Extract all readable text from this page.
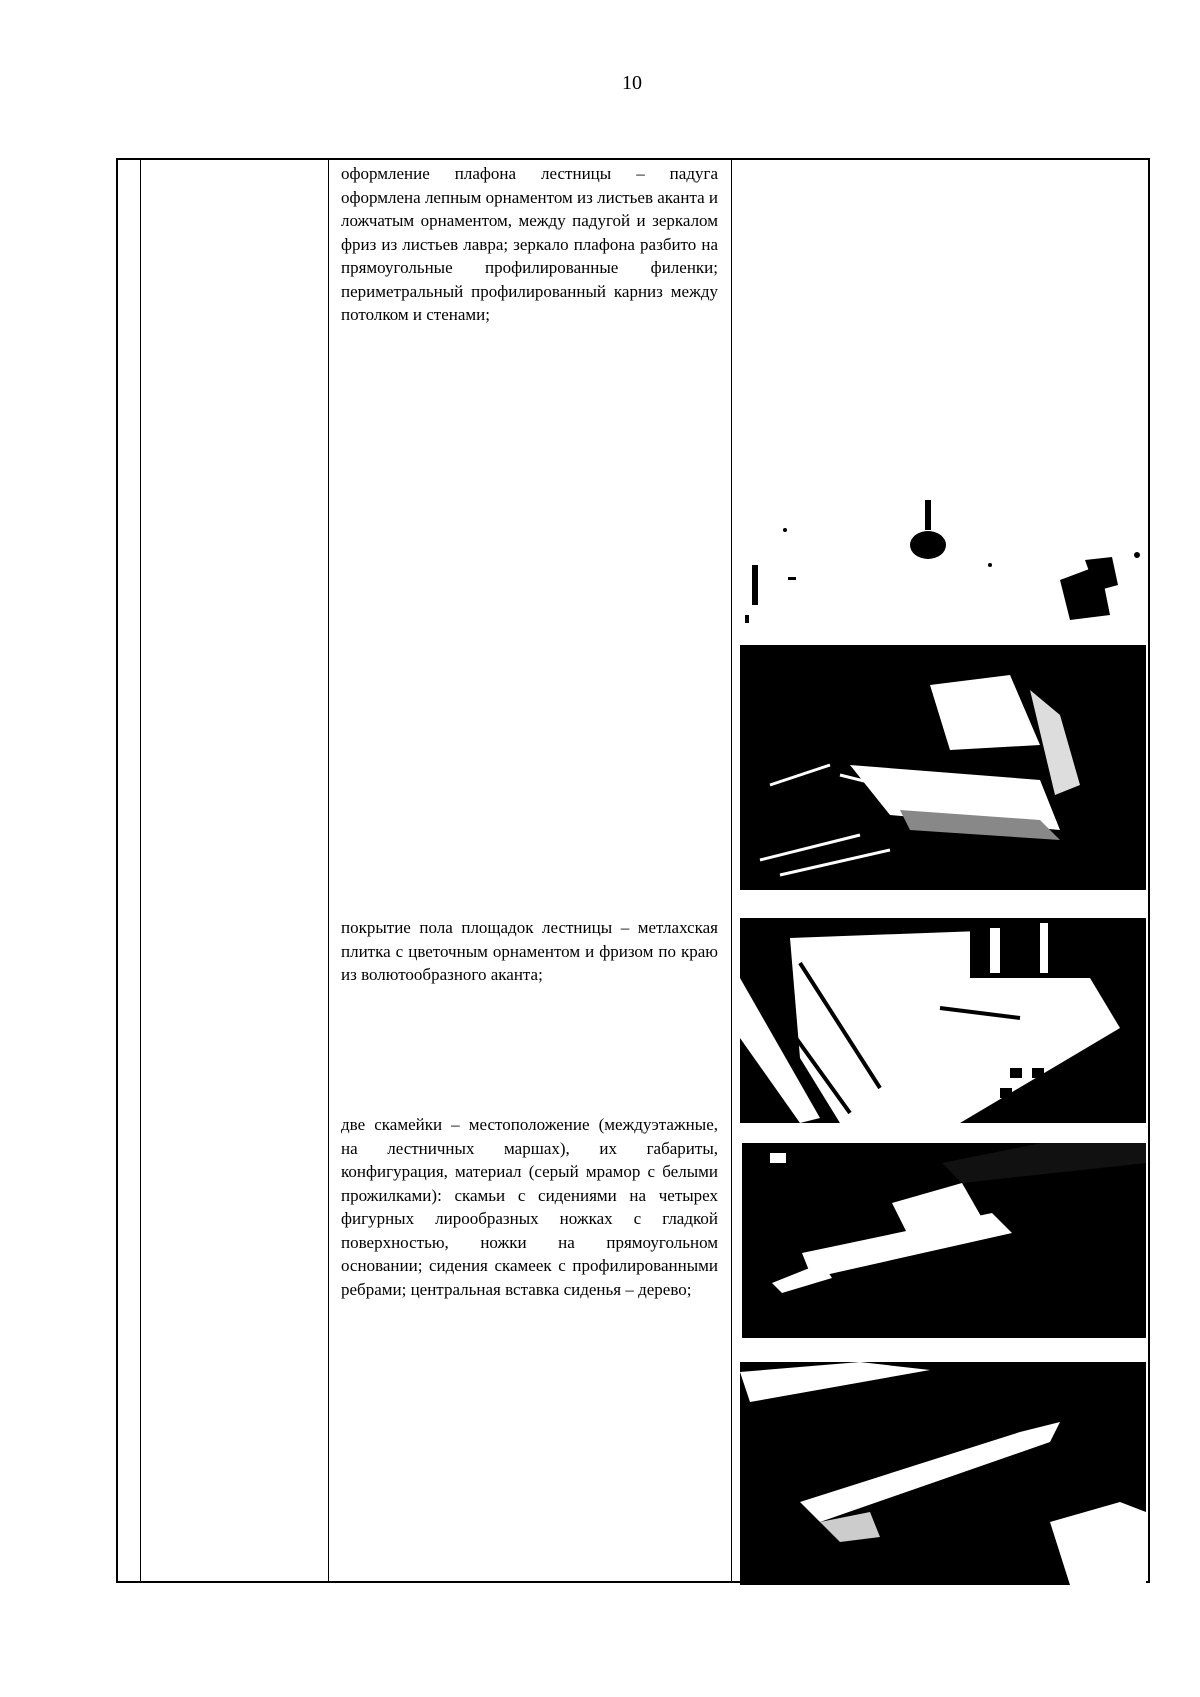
10
оформление плафона лестницы – падуга оформлена лепным орнаментом из листьев аканта и ложчатым орнаментом, между падугой и зеркалом фриз из листьев лавра; зеркало плафона разбито на прямоугольные профилированные филенки; периметральный профилированный карниз между потолком и стенами;
покрытие пола площадок лестницы – метлахская плитка с цветочным орнаментом и фризом по краю из волютообразного аканта;
две скамейки – местоположение (междуэтажные, на лестничных маршах), их габариты, конфигурация, материал (серый мрамор с белыми прожилками): скамьи с сидениями на четырех фигурных лирообразных ножках с гладкой поверхностью, ножки на прямоугольном основании; сидения скамеек с профилированными ребрами; центральная вставка сиденья – дерево;
